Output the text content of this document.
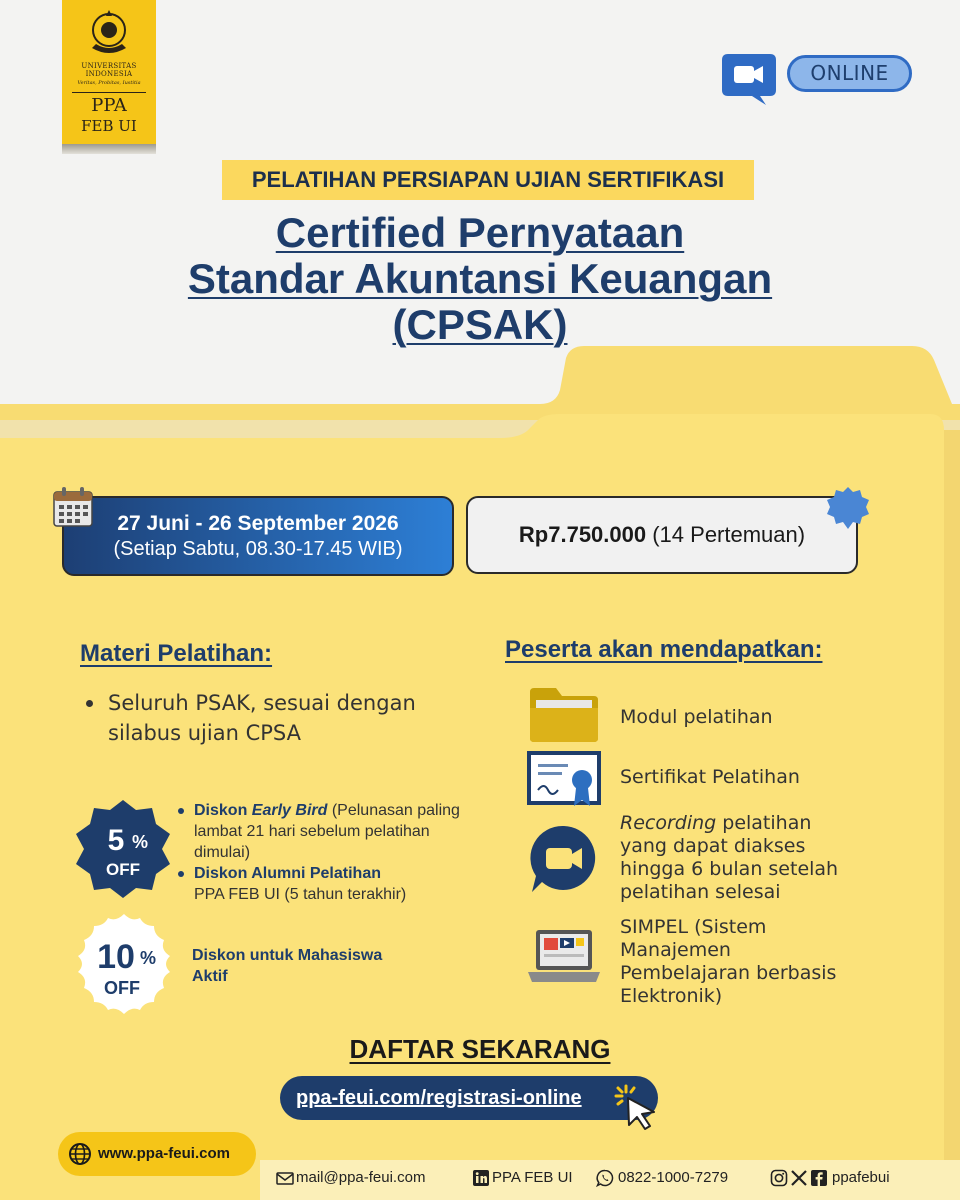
UNIVERSITAS INDONESIA
Veritas, Probitas, Iustitia
PPA
FEB UI
ONLINE
PELATIHAN PERSIAPAN UJIAN SERTIFIKASI
Certified Pernyataan
Standar Akuntansi Keuangan
(CPSAK)
27 Juni - 26 September 2026
(Setiap Sabtu, 08.30-17.45 WIB)
Rp7.750.000 (14 Pertemuan)
Materi Pelatihan:
Seluruh PSAK, sesuai dengan silabus ujian CPSA
5 %
OFF
Diskon Early Bird (Pelunasan paling lambat 21 hari sebelum pelatihan dimulai)
Diskon Alumni Pelatihan
PPA FEB UI (5 tahun terakhir)
10 %
OFF
Diskon untuk Mahasiswa Aktif
Peserta akan mendapatkan:
Modul pelatihan
Sertifikat Pelatihan
Recording pelatihan yang dapat diakses hingga 6 bulan setelah pelatihan selesai
SIMPEL (Sistem Manajemen Pembelajaran berbasis Elektronik)
DAFTAR SEKARANG
ppa-feui.com/registrasi-online
www.ppa-feui.com
mail@ppa-feui.com	PPA FEB UI	0822-1000-7279	ppafebui
